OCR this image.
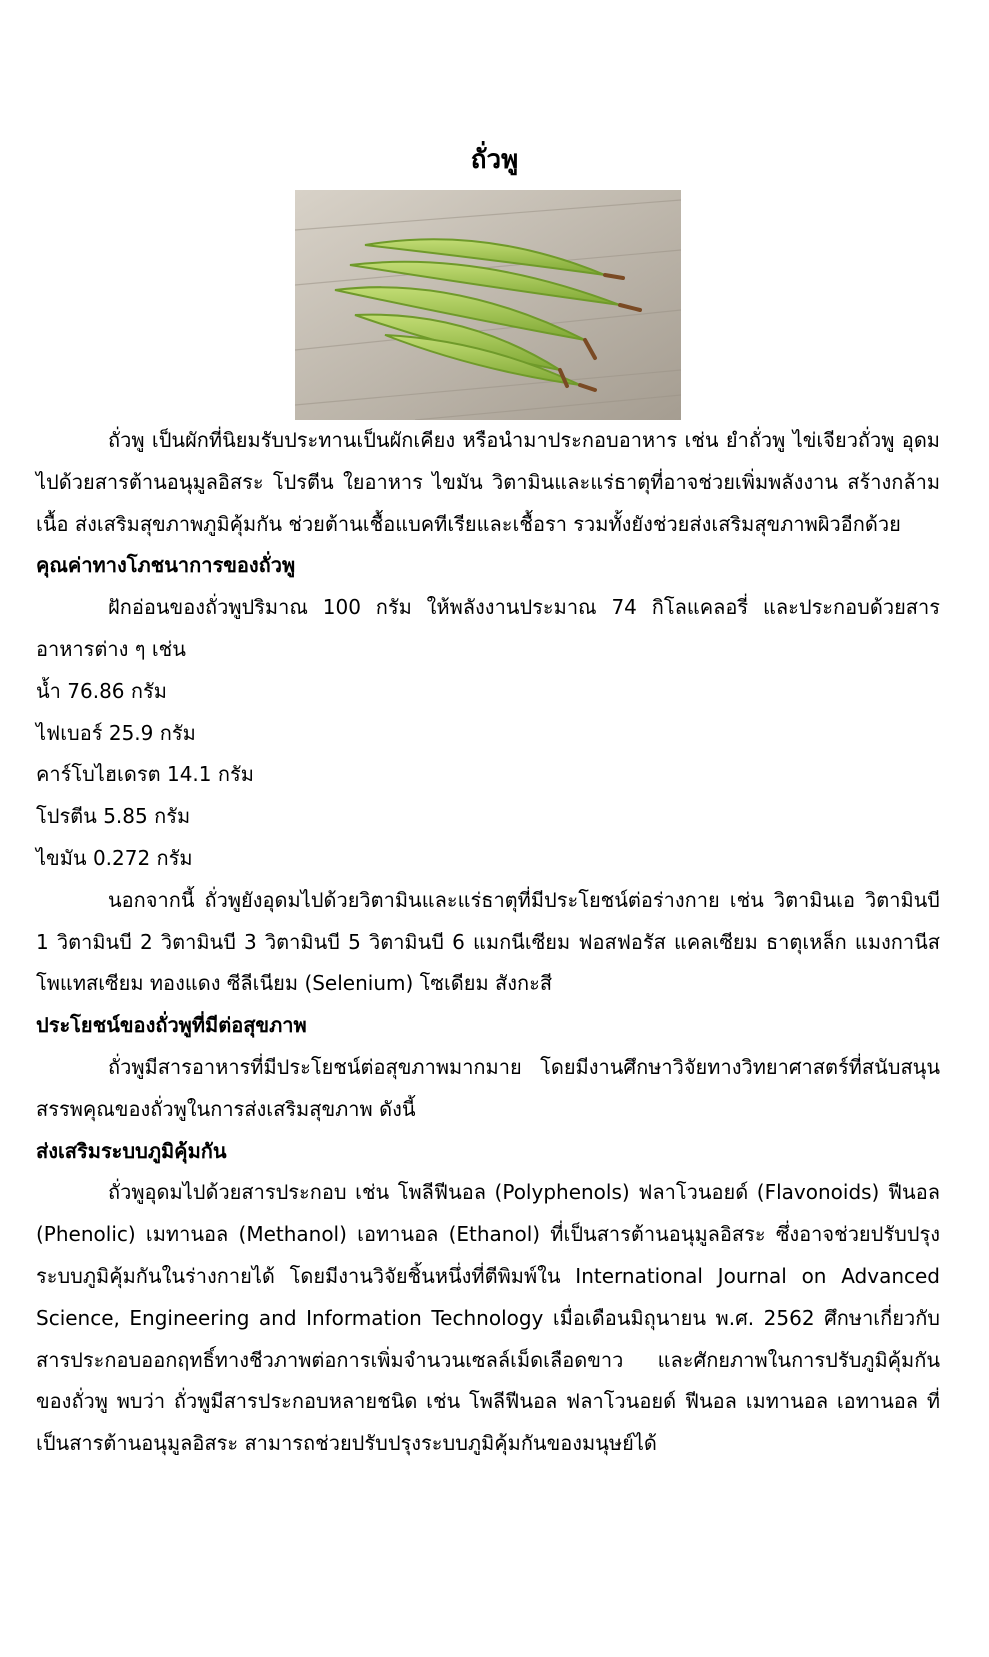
ถั่วพู

ถั่วพู เป็นผักที่นิยมรับประทานเป็นผักเคียง หรือนำมาประกอบอาหาร เช่น ยำถั่วพู ไข่เจียวถั่วพู อุดมไปด้วยสารต้านอนุมูลอิสระ โปรตีน ใยอาหาร ไขมัน วิตามินและแร่ธาตุที่อาจช่วยเพิ่มพลังงาน สร้างกล้ามเนื้อ ส่งเสริมสุขภาพภูมิคุ้มกัน ช่วยต้านเชื้อแบคทีเรียและเชื้อรา รวมทั้งยังช่วยส่งเสริมสุขภาพผิวอีกด้วย

คุณค่าทางโภชนาการของถั่วพู

ฝักอ่อนของถั่วพูปริมาณ 100 กรัม ให้พลังงานประมาณ 74 กิโลแคลอรี่ และประกอบด้วยสารอาหารต่าง ๆ เช่น

น้ำ 76.86 กรัม

ไฟเบอร์ 25.9 กรัม

คาร์โบไฮเดรต 14.1 กรัม

โปรตีน 5.85 กรัม

ไขมัน 0.272 กรัม

นอกจากนี้ ถั่วพูยังอุดมไปด้วยวิตามินและแร่ธาตุที่มีประโยชน์ต่อร่างกาย เช่น วิตามินเอ วิตามินบี 1 วิตามินบี 2 วิตามินบี 3 วิตามินบี 5 วิตามินบี 6 แมกนีเซียม ฟอสฟอรัส แคลเซียม ธาตุเหล็ก แมงกานีส โพแทสเซียม ทองแดง ซีลีเนียม (Selenium) โซเดียม สังกะสี

ประโยชน์ของถั่วพูที่มีต่อสุขภาพ

ถั่วพูมีสารอาหารที่มีประโยชน์ต่อสุขภาพมากมาย โดยมีงานศึกษาวิจัยทางวิทยาศาสตร์ที่สนับสนุนสรรพคุณของถั่วพูในการส่งเสริมสุขภาพ ดังนี้

ส่งเสริมระบบภูมิคุ้มกัน

ถั่วพูอุดมไปด้วยสารประกอบ เช่น โพลีฟีนอล (Polyphenols) ฟลาโวนอยด์ (Flavonoids) ฟีนอล (Phenolic) เมทานอล (Methanol) เอทานอล (Ethanol) ที่เป็นสารต้านอนุมูลอิสระ ซึ่งอาจช่วยปรับปรุงระบบภูมิคุ้มกันในร่างกายได้ โดยมีงานวิจัยชิ้นหนึ่งที่ตีพิมพ์ใน International Journal on Advanced Science, Engineering and Information Technology เมื่อเดือนมิถุนายน พ.ศ. 2562 ศึกษาเกี่ยวกับสารประกอบออกฤทธิ์ทางชีวภาพต่อการเพิ่มจำนวนเซลล์เม็ดเลือดขาว และศักยภาพในการปรับภูมิคุ้มกันของถั่วพู พบว่า ถั่วพูมีสารประกอบหลายชนิด เช่น โพลีฟีนอล ฟลาโวนอยด์ ฟีนอล เมทานอล เอทานอล ที่เป็นสารต้านอนุมูลอิสระ สามารถช่วยปรับปรุงระบบภูมิคุ้มกันของมนุษย์ได้
